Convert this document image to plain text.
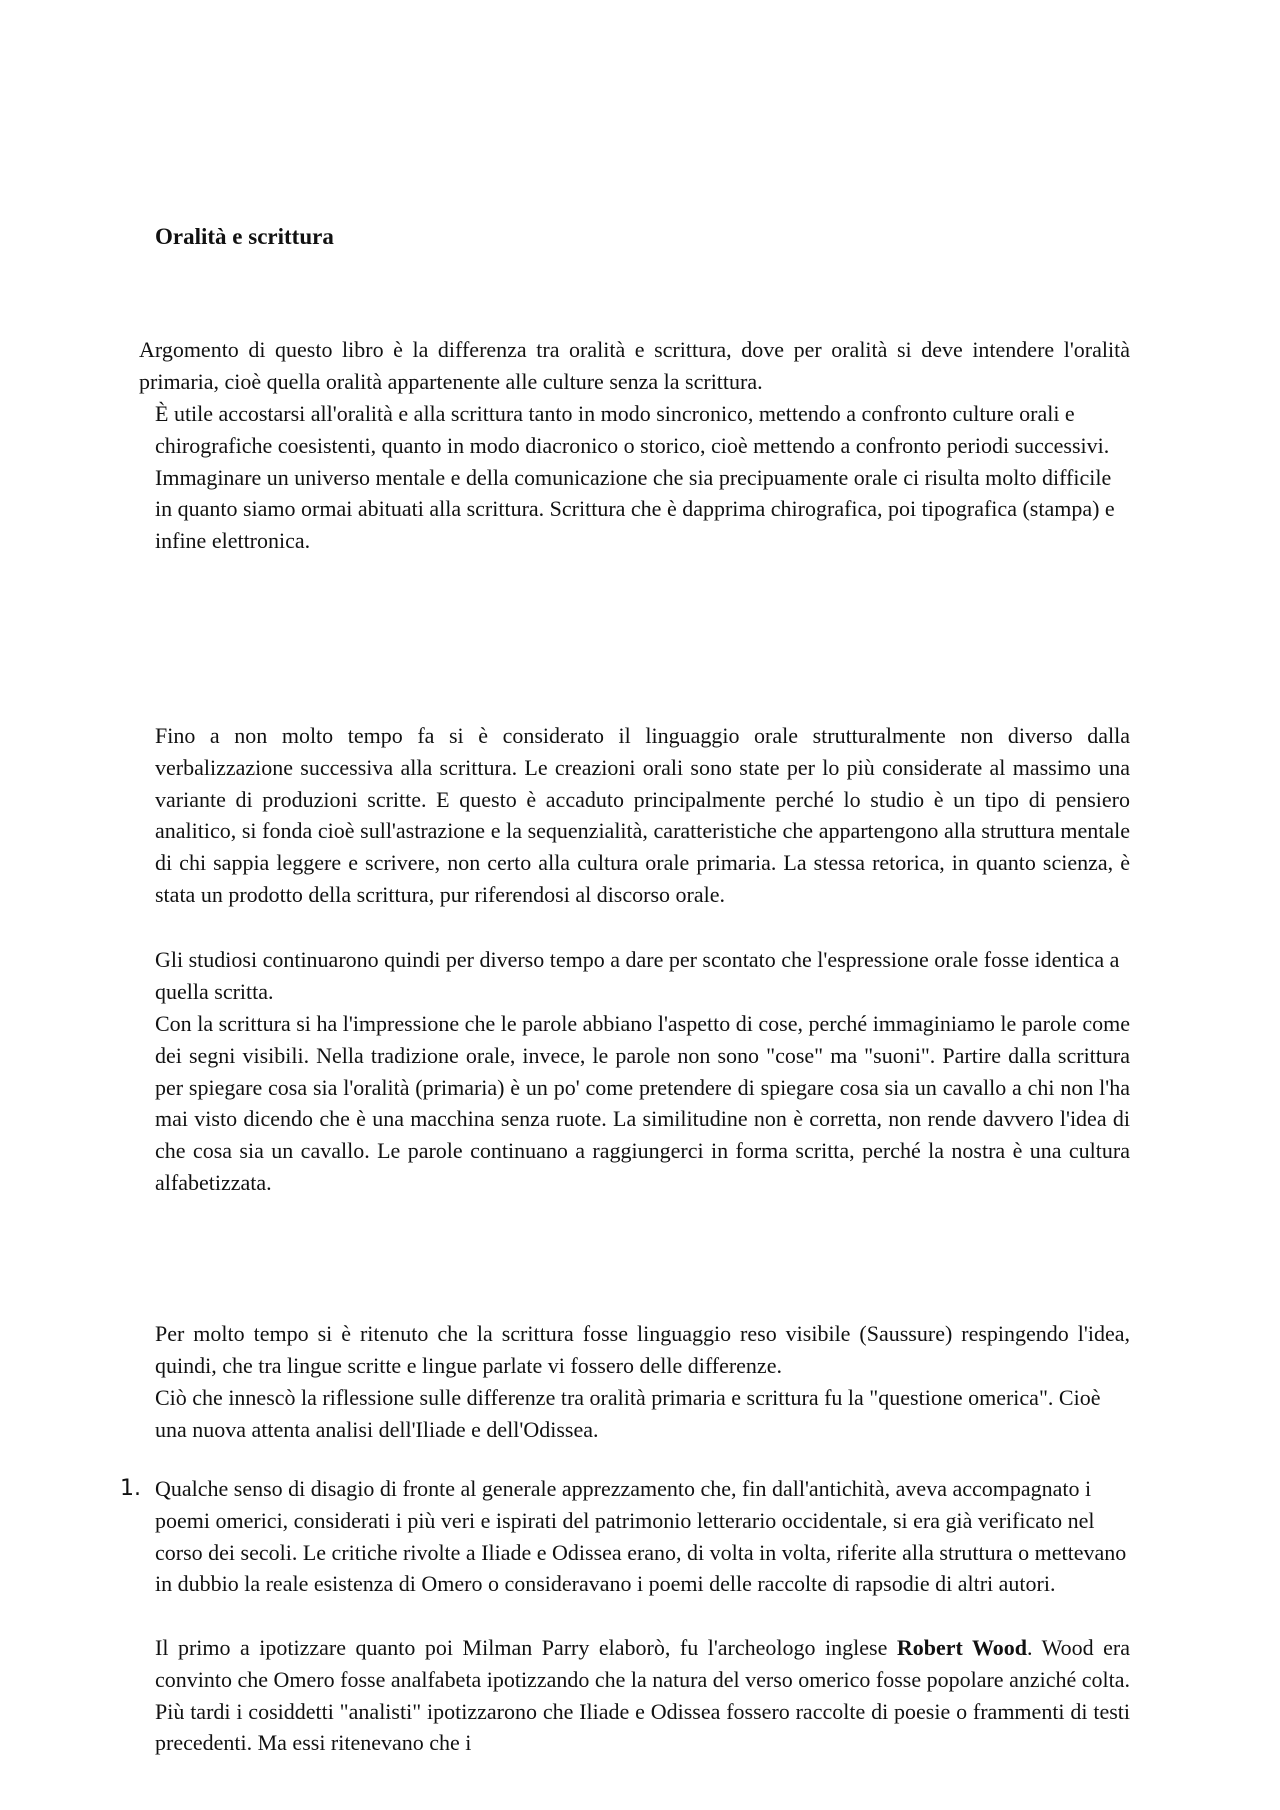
Oralità e scrittura

Argomento di questo libro è la differenza tra oralità e scrittura, dove per oralità si deve intendere l'oralità primaria, cioè quella oralità appartenente alle culture senza la scrittura.

È utile accostarsi all'oralità e alla scrittura tanto in modo sincronico, mettendo a confronto culture orali e chirografiche coesistenti, quanto in modo diacronico o storico, cioè mettendo a confronto periodi successivi. Immaginare un universo mentale e della comunicazione che sia precipuamente orale ci risulta molto difficile in quanto siamo ormai abituati alla scrittura. Scrittura che è dapprima chirografica, poi tipografica (stampa) e infine elettronica.

Fino a non molto tempo fa si è considerato il linguaggio orale strutturalmente non diverso dalla verbalizzazione successiva alla scrittura. Le creazioni orali sono state per lo più considerate al massimo una variante di produzioni scritte. E questo è accaduto principalmente perché lo studio è un tipo di pensiero analitico, si fonda cioè sull'astrazione e la sequenzialità, caratteristiche che appartengono alla struttura mentale di chi sappia leggere e scrivere, non certo alla cultura orale primaria. La stessa retorica, in quanto scienza, è stata un prodotto della scrittura, pur riferendosi al discorso orale.

Gli studiosi continuarono quindi per diverso tempo a dare per scontato che l'espressione orale fosse identica a quella scritta.

Con la scrittura si ha l'impressione che le parole abbiano l'aspetto di cose, perché immaginiamo le parole come dei segni visibili. Nella tradizione orale, invece, le parole non sono "cose" ma "suoni". Partire dalla scrittura per spiegare cosa sia l'oralità (primaria) è un po' come pretendere di spiegare cosa sia un cavallo a chi non l'ha mai visto dicendo che è una macchina senza ruote. La similitudine non è corretta, non rende davvero l'idea di che cosa sia un cavallo. Le parole continuano a raggiungerci in forma scritta, perché la nostra è una cultura alfabetizzata.

Per molto tempo si è ritenuto che la scrittura fosse linguaggio reso visibile (Saussure) respingendo l'idea, quindi, che tra lingue scritte e lingue parlate vi fossero delle differenze.

Ciò che innescò la riflessione sulle differenze tra oralità primaria e scrittura fu la "questione omerica". Cioè una nuova attenta analisi dell'Iliade e dell'Odissea.

1. Qualche senso di disagio di fronte al generale apprezzamento che, fin dall'antichità, aveva accompagnato i poemi omerici, considerati i più veri e ispirati del patrimonio letterario occidentale, si era già verificato nel corso dei secoli. Le critiche rivolte a Iliade e Odissea erano, di volta in volta, riferite alla struttura o mettevano in dubbio la reale esistenza di Omero o consideravano i poemi delle raccolte di rapsodie di altri autori.

Il primo a ipotizzare quanto poi Milman Parry elaborò, fu l'archeologo inglese Robert Wood. Wood era convinto che Omero fosse analfabeta ipotizzando che la natura del verso omerico fosse popolare anziché colta. Più tardi i cosiddetti "analisti" ipotizzarono che Iliade e Odissea fossero raccolte di poesie o frammenti di testi precedenti. Ma essi ritenevano che i
